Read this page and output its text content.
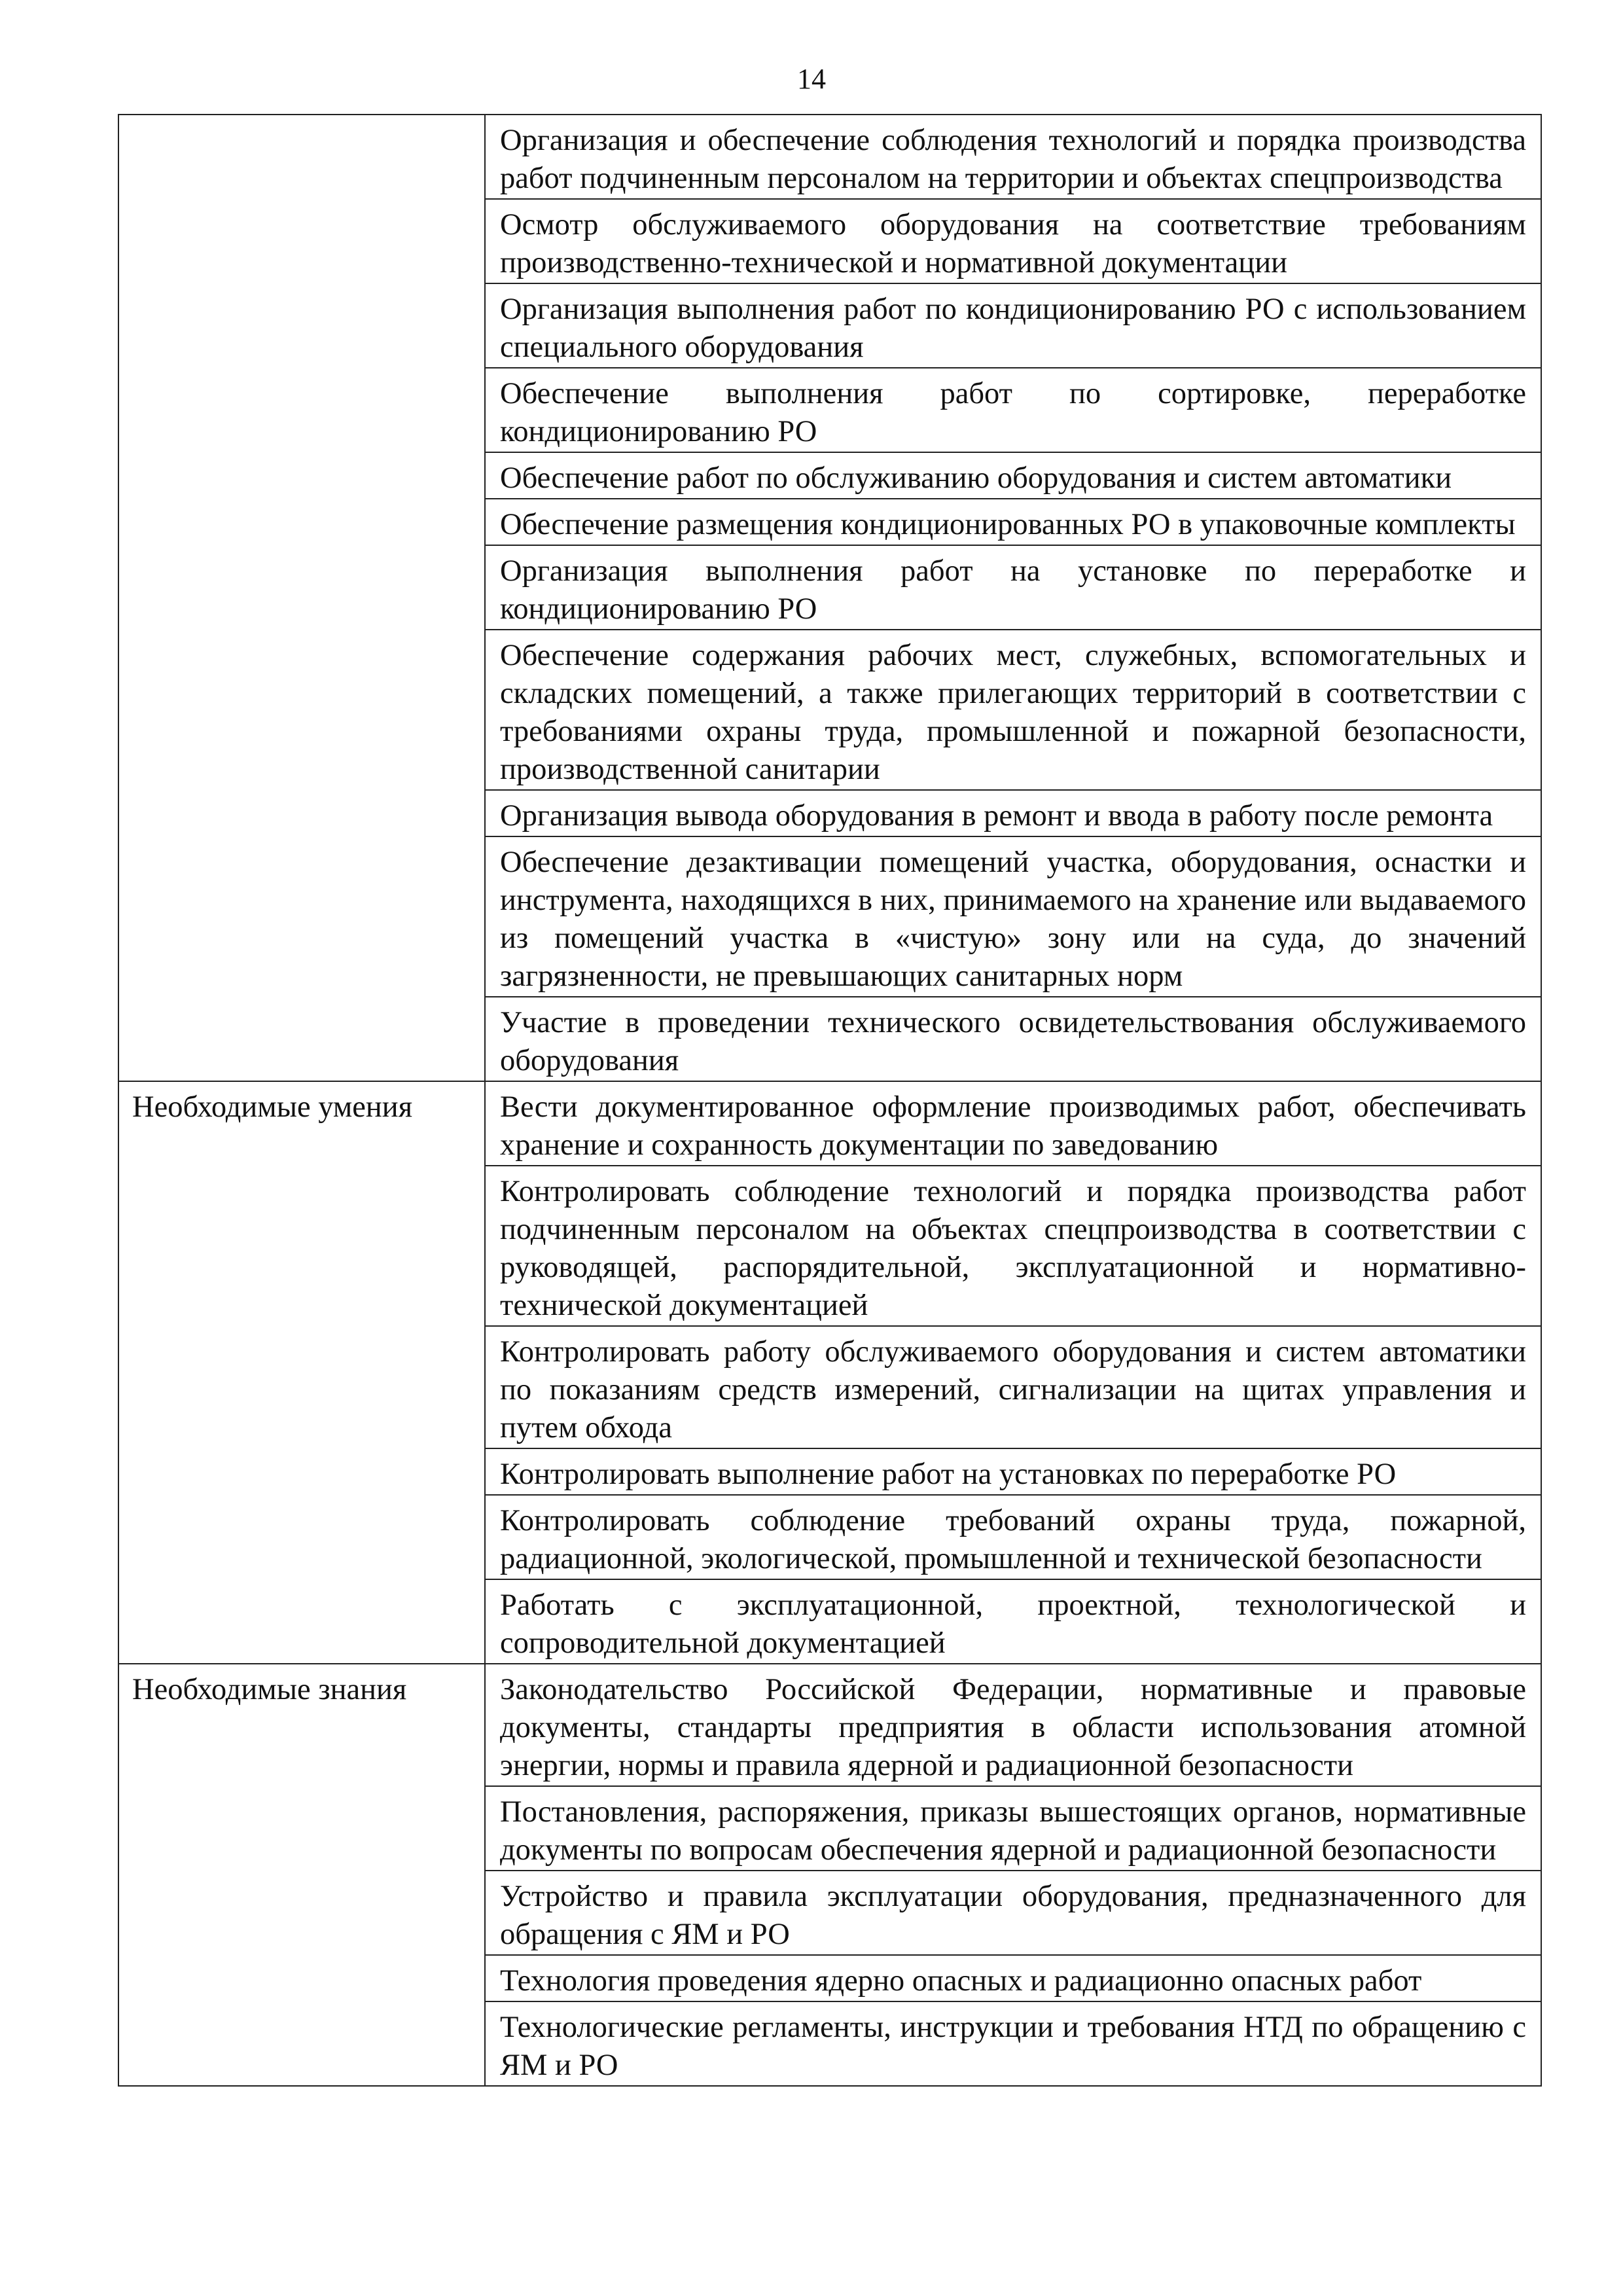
14
	Организация и обеспечение соблюдения технологий и порядка производства работ подчиненным персоналом на территории и объектах спецпроизводства
	Осмотр обслуживаемого оборудования на соответствие требованиям производственно-технической и нормативной документации
	Организация выполнения работ по кондиционированию РО с использованием специального оборудования
	Обеспечение выполнения работ по сортировке, переработке кондиционированию РО
	Обеспечение работ по обслуживанию оборудования и систем автоматики
	Обеспечение размещения кондиционированных РО в упаковочные комплекты
	Организация выполнения работ на установке по переработке и кондиционированию РО
	Обеспечение содержания рабочих мест, служебных, вспомогательных и складских помещений, а также прилегающих территорий в соответствии с требованиями охраны труда, промышленной и пожарной безопасности, производственной санитарии
	Организация вывода оборудования в ремонт и ввода в работу после ремонта
	Обеспечение дезактивации помещений участка, оборудования, оснастки и инструмента, находящихся в них, принимаемого на хранение или выдаваемого из помещений участка в «чистую» зону или на суда, до значений загрязненности, не превышающих санитарных норм
	Участие в проведении технического освидетельствования обслуживаемого оборудования
Необходимые умения	Вести документированное оформление производимых работ, обеспечивать хранение и сохранность документации по заведованию
	Контролировать соблюдение технологий и порядка производства работ подчиненным персоналом на объектах спецпроизводства в соответствии с руководящей, распорядительной, эксплуатационной и нормативно-технической документацией
	Контролировать работу обслуживаемого оборудования и систем автоматики по показаниям средств измерений, сигнализации на щитах управления и путем обхода
	Контролировать выполнение работ на установках по переработке РО
	Контролировать соблюдение требований охраны труда, пожарной, радиационной, экологической, промышленной и технической безопасности
	Работать с эксплуатационной, проектной, технологической и сопроводительной документацией
Необходимые знания	Законодательство Российской Федерации, нормативные и правовые документы, стандарты предприятия в области использования атомной энергии, нормы и правила ядерной и радиационной безопасности
	Постановления, распоряжения, приказы вышестоящих органов, нормативные документы по вопросам обеспечения ядерной и радиационной безопасности
	Устройство и правила эксплуатации оборудования, предназначенного для обращения с ЯМ и РО
	Технология проведения ядерно опасных и радиационно опасных работ
	Технологические регламенты, инструкции и требования НТД по обращению с ЯМ и РО
